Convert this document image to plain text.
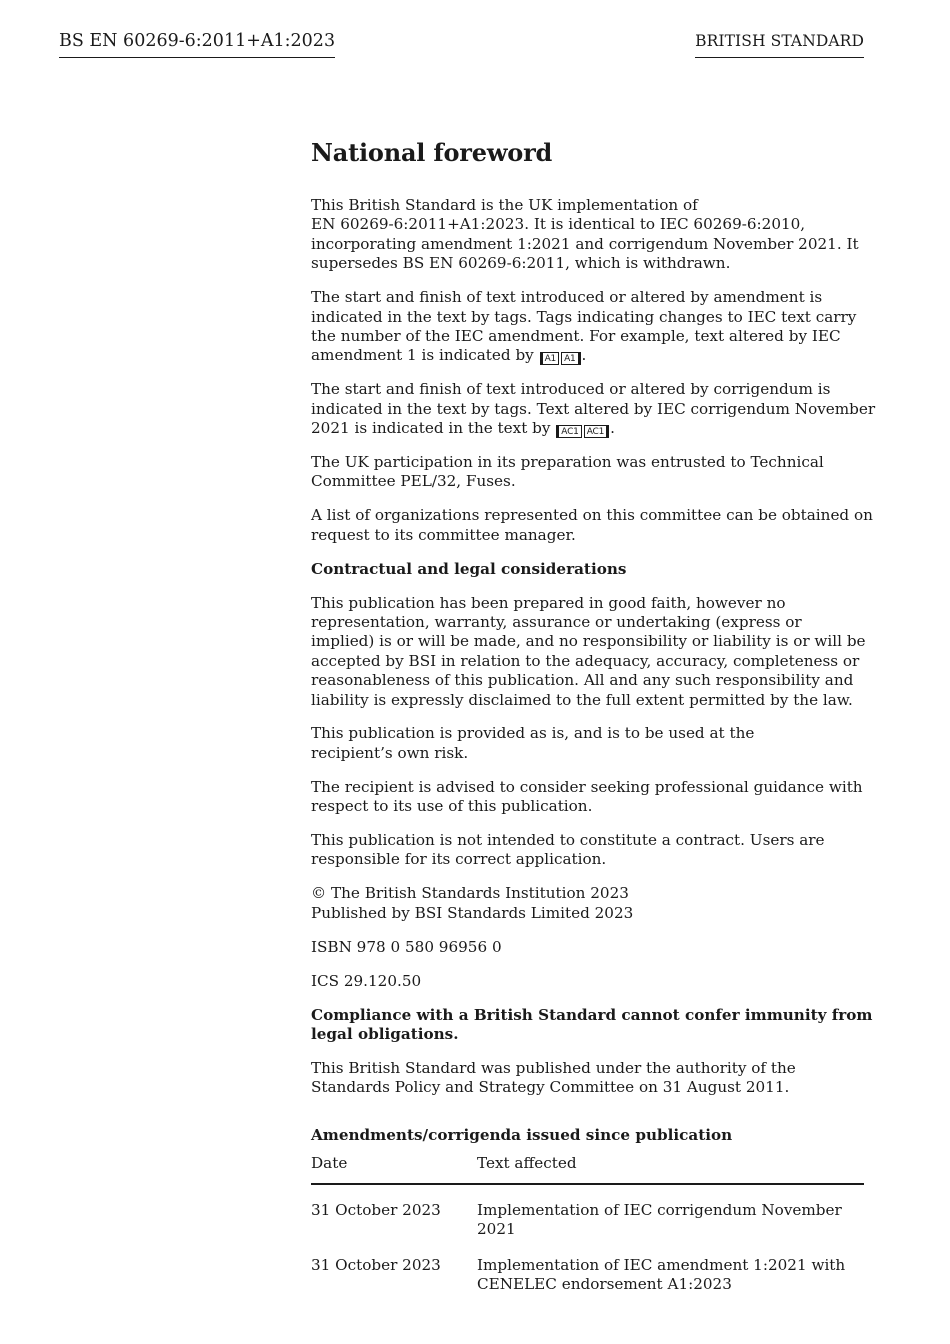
BS EN 60269-6:2011+A1:2023	BRITISH STANDARD
National foreword

This British Standard is the UK implementation of
EN 60269-6:2011+A1:2023. It is identical to IEC 60269-6:2010,
incorporating amendment 1:2021 and corrigendum November 2021. It
supersedes BS EN 60269-6:2011, which is withdrawn.

The start and finish of text introduced or altered by amendment is
indicated in the text by tags. Tags indicating changes to IEC text carry
the number of the IEC amendment. For example, text altered by IEC
amendment 1 is indicated by A1 A1 .

The start and finish of text introduced or altered by corrigendum is
indicated in the text by tags. Text altered by IEC corrigendum November
2021 is indicated in the text by AC1 AC1 .

The UK participation in its preparation was entrusted to Technical
Committee PEL/32, Fuses.

A list of organizations represented on this committee can be obtained on
request to its committee manager.

Contractual and legal considerations

This publication has been prepared in good faith, however no
representation, warranty, assurance or undertaking (express or
implied) is or will be made, and no responsibility or liability is or will be
accepted by BSI in relation to the adequacy, accuracy, completeness or
reasonableness of this publication. All and any such responsibility and
liability is expressly disclaimed to the full extent permitted by the law.

This publication is provided as is, and is to be used at the
recipient’s own risk.

The recipient is advised to consider seeking professional guidance with
respect to its use of this publication.

This publication is not intended to constitute a contract. Users are
responsible for its correct application.

© The British Standards Institution 2023
Published by BSI Standards Limited 2023

ISBN 978 0 580 96956 0

ICS 29.120.50

Compliance with a British Standard cannot confer immunity from
legal obligations.

This British Standard was published under the authority of the
Standards Policy and Strategy Committee on 31 August 2011.

Amendments/corrigenda issued since publication
Date	Text affected
31 October 2023	Implementation of IEC corrigendum November
2021

31 October 2023	Implementation of IEC amendment 1:2021 with
CENELEC endorsement A1:2023
